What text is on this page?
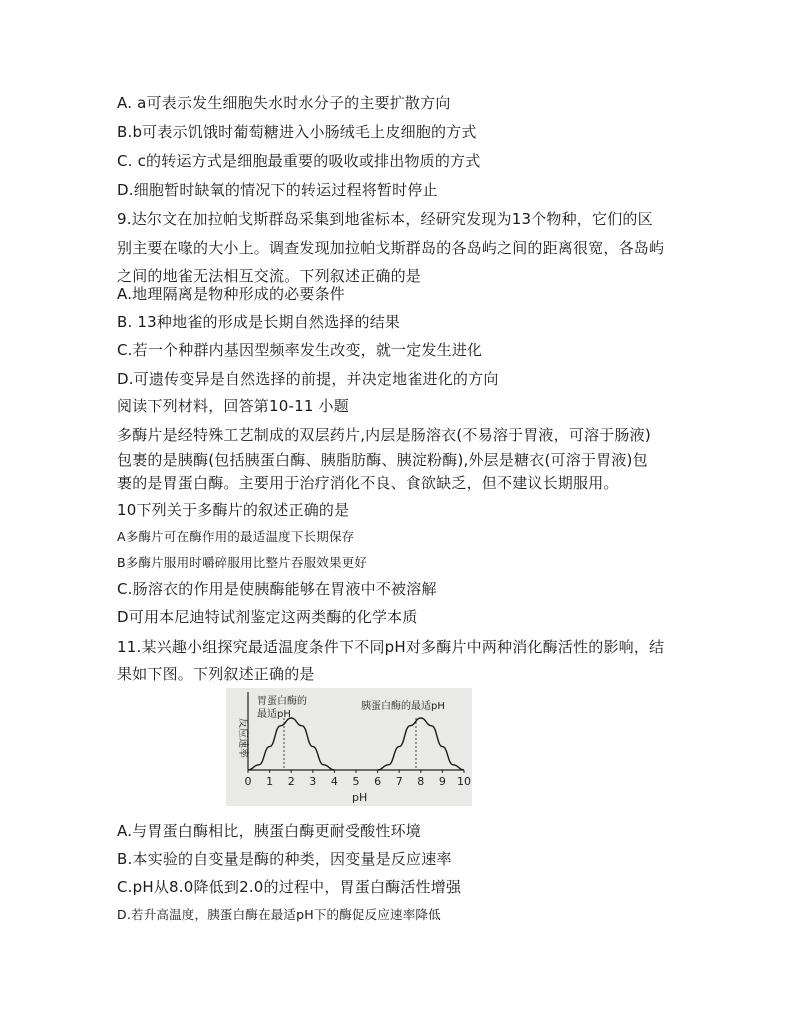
A. a可表示发生细胞失水时水分子的主要扩散方向
B.b可表示饥饿时葡萄糖进入小肠绒毛上皮细胞的方式
C. c的转运方式是细胞最重要的吸收或排出物质的方式
D.细胞暂时缺氧的情况下的转运过程将暂时停止
9.达尔文在加拉帕戈斯群岛采集到地雀标本，经研究发现为13个物种，它们的区
别主要在喙的大小上。调查发现加拉帕戈斯群岛的各岛屿之间的距离很宽，各岛屿
之间的地雀无法相互交流。下列叙述正确的是
A.地理隔离是物种形成的必要条件
B. 13种地雀的形成是长期自然选择的结果
C.若一个种群内基因型频率发生改变，就一定发生进化
D.可遗传变异是自然选择的前提，并决定地雀进化的方向
阅读下列材料，回答第10-11 小题
多酶片是经特殊工艺制成的双层药片,内层是肠溶衣(不易溶于胃液，可溶于肠液)
包裹的是胰酶(包括胰蛋白酶、胰脂肪酶、胰淀粉酶),外层是糖衣(可溶于胃液)包
裹的是胃蛋白酶。主要用于治疗消化不良、食欲缺乏，但不建议长期服用。
10下列关于多酶片的叙述正确的是
A多酶片可在酶作用的最适温度下长期保存
B多酶片服用时嚼碎服用比整片吞服效果更好
C.肠溶衣的作用是使胰酶能够在胃液中不被溶解
D可用本尼迪特试剂鉴定这两类酶的化学本质
11.某兴趣小组探究最适温度条件下不同pH对多酶片中两种消化酶活性的影响，结
果如下图。下列叙述正确的是
反应速率
0 1 2 3 4 5 6 7 8 9 10
胃蛋白酶的
最适pH
胰蛋白酶的最适pH
pH
A.与胃蛋白酶相比，胰蛋白酶更耐受酸性环境
B.本实验的自变量是酶的种类，因变量是反应速率
C.pH从8.0降低到2.0的过程中，胃蛋白酶活性增强
D.若升高温度，胰蛋白酶在最适pH下的酶促反应速率降低
